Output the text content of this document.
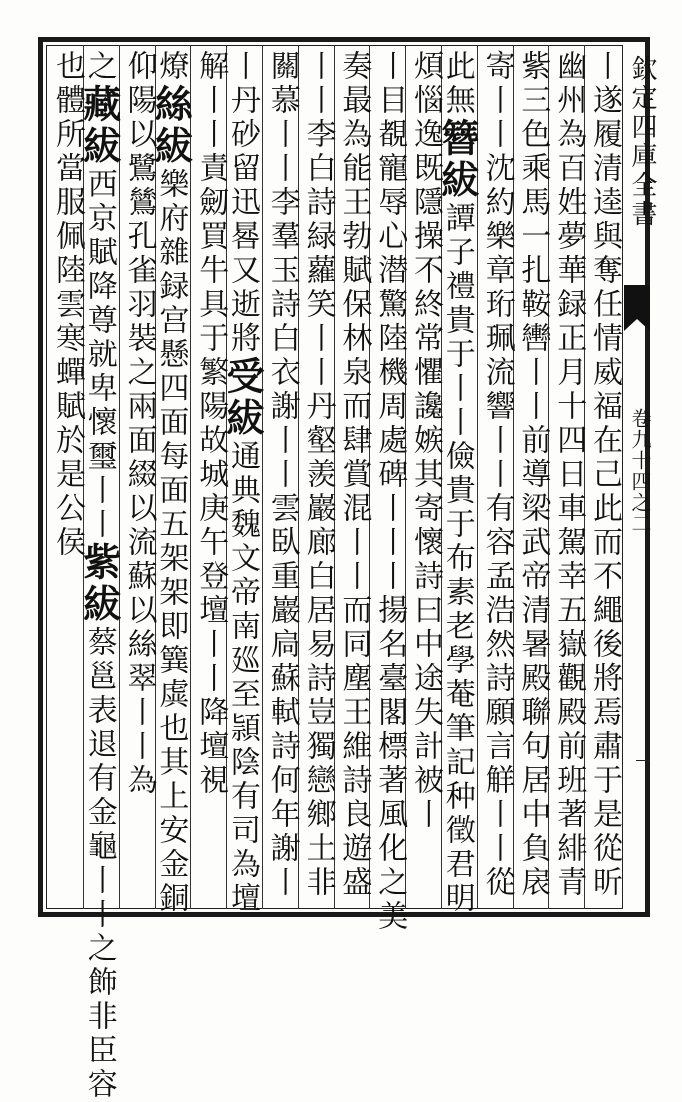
欽定四庫全書
卷九十四之二
丨遂履清逵與奪任情威福在己此而不繩後將焉肅于是從昕
幽州為百姓夢華録正月十四日車駕幸五嶽觀殿前班著緋青
紫三色乘馬一扎鞍轡丨丨前導梁武帝清暑殿聯句居中負扆
寄丨丨沈約樂章珩珮流響丨丨有容孟浩然詩願言觧丨丨從
此無簪紱譚子禮貴于丨丨儉貴于布素老學菴筆記种徵君明
煩惱逸既隱操不終常懼讒嫉其寄懷詩曰中途失計被丨
丨目覩寵辱心潜驚陸機周處碑丨丨丨揚名臺閣標著風化之美
奏最為能王勃賦保林泉而肆賞混丨丨而同塵王維詩良遊盛
丨丨李白詩緑蘿笑丨丨丹壑羨巖廊白居易詩豈獨戀鄉土非
關慕丨丨李羣玉詩白衣謝丨丨雲臥重巖扃蘇軾詩何年謝丨
丨丹砂留迅晷又逝將受紱通典魏文帝南廵至頴陰有司為壇
解丨丨責劒買牛具于繁陽故城庚午登壇丨丨降壇視
燎絲紱樂府雜録宫懸四面每面五架架即簨虡也其上安金銅
仰陽以鷺鷥孔雀羽裝之兩面綴以流蘇以絲翠丨丨為
之藏紱西京賦降尊就卑懷璽丨丨紫紱蔡邕表退有金龜丨丨之飾非臣容
也體所當服佩陸雲寒蟬賦於是公侯
